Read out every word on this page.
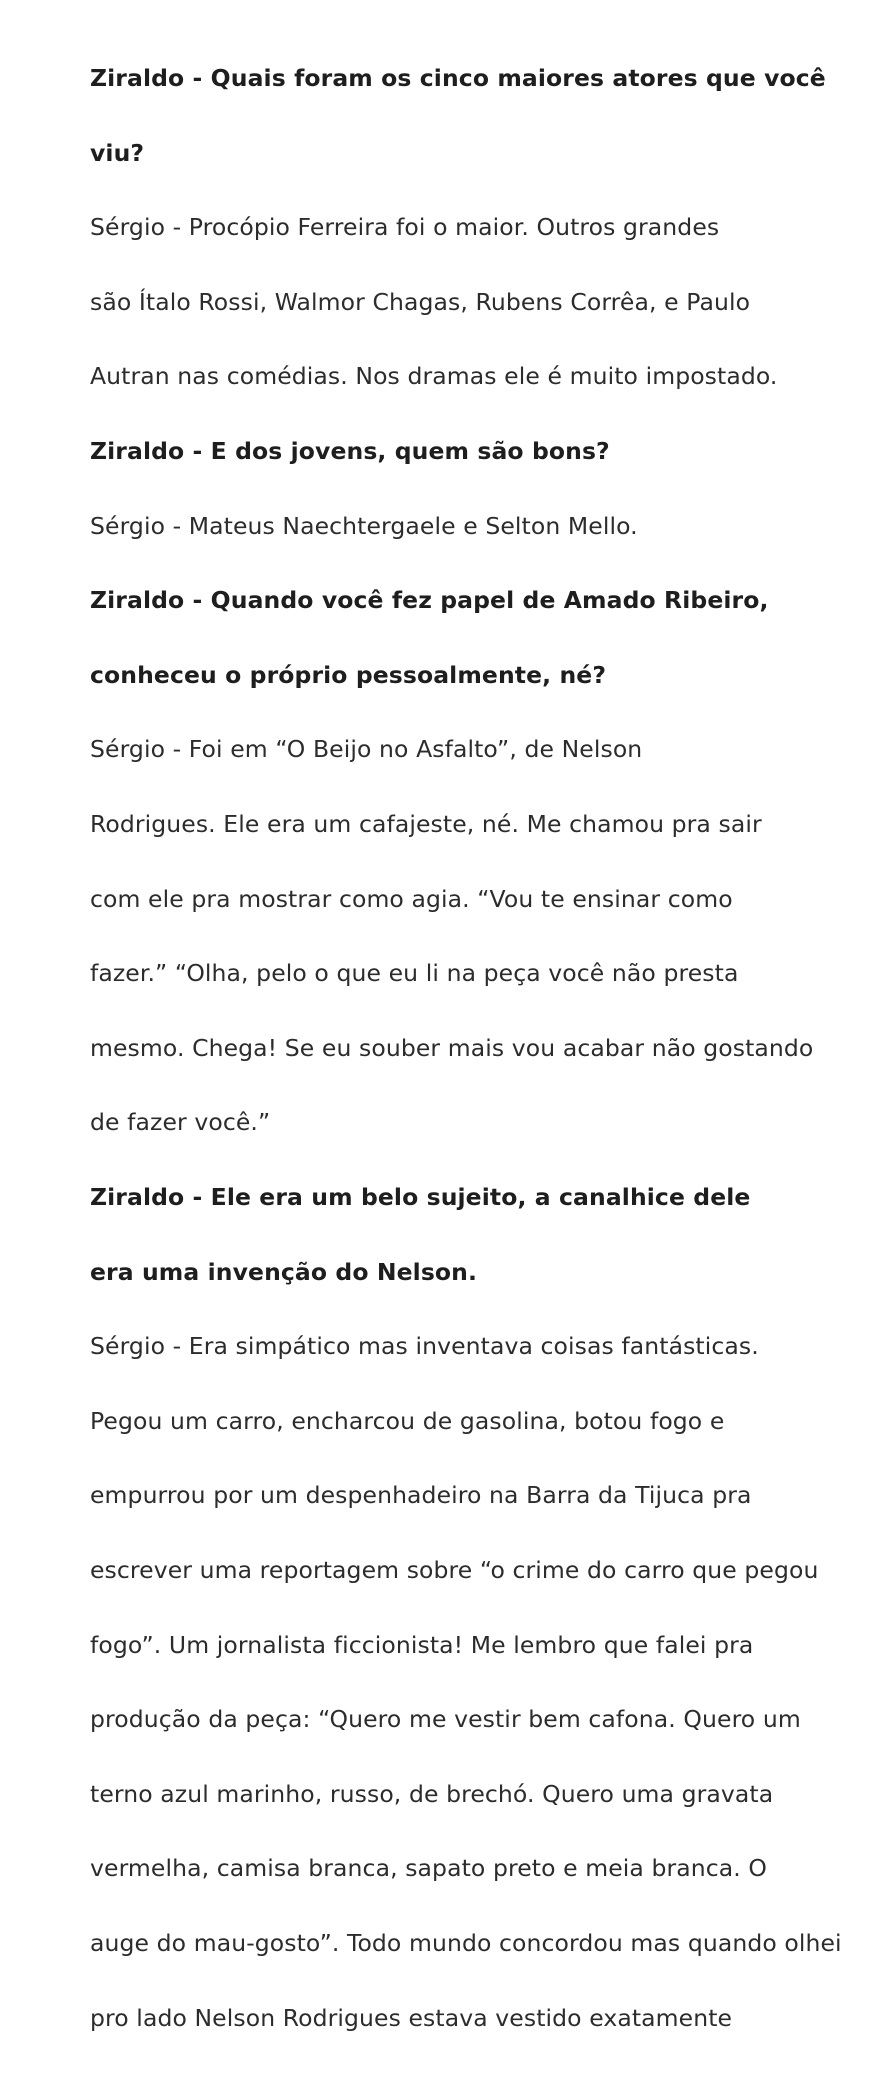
Ziraldo - Quais foram os cinco maiores atores que você
viu?
Sérgio - Procópio Ferreira foi o maior. Outros grandes
são Ítalo Rossi, Walmor Chagas, Rubens Corrêa, e Paulo
Autran nas comédias. Nos dramas ele é muito impostado.
Ziraldo - E dos jovens, quem são bons?
Sérgio - Mateus Naechtergaele e Selton Mello.
Ziraldo - Quando você fez papel de Amado Ribeiro,
conheceu o próprio pessoalmente, né?
Sérgio - Foi em “O Beijo no Asfalto”, de Nelson
Rodrigues. Ele era um cafajeste, né. Me chamou pra sair
com ele pra mostrar como agia. “Vou te ensinar como
fazer.” “Olha, pelo o que eu li na peça você não presta
mesmo. Chega! Se eu souber mais vou acabar não gostando
de fazer você.”
Ziraldo - Ele era um belo sujeito, a canalhice dele
era uma invenção do Nelson.
Sérgio - Era simpático mas inventava coisas fantásticas.
Pegou um carro, encharcou de gasolina, botou fogo e
empurrou por um despenhadeiro na Barra da Tijuca pra
escrever uma reportagem sobre “o crime do carro que pegou
fogo”. Um jornalista ficcionista! Me lembro que falei pra
produção da peça: “Quero me vestir bem cafona. Quero um
terno azul marinho, russo, de brechó. Quero uma gravata
vermelha, camisa branca, sapato preto e meia branca. O
auge do mau-gosto”. Todo mundo concordou mas quando olhei
pro lado Nelson Rodrigues estava vestido exatamente
